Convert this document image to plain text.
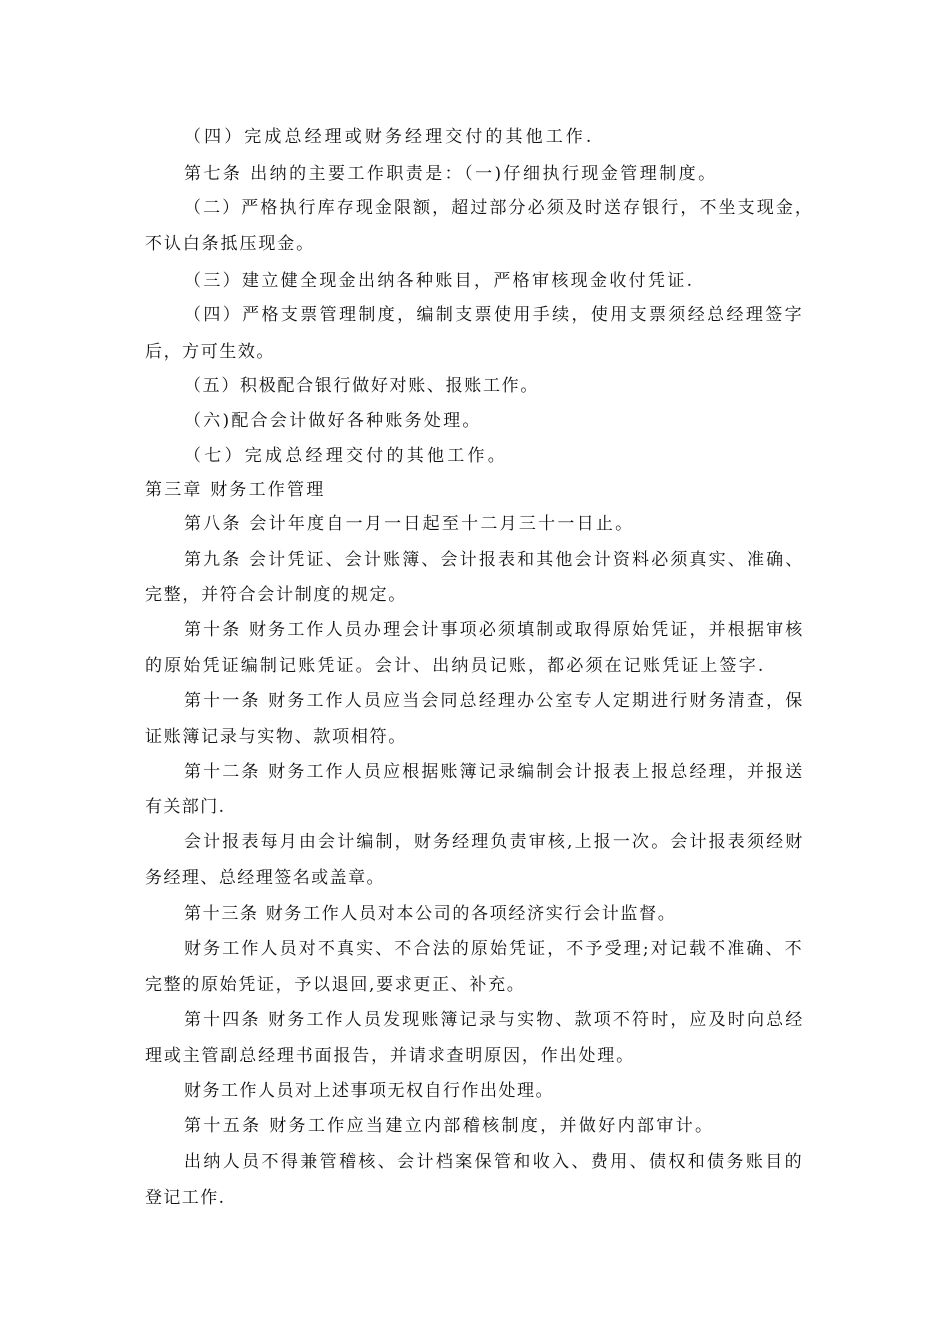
（四）完成总经理或财务经理交付的其他工作.
第七条 出纳的主要工作职责是：（一)仔细执行现金管理制度。
（二）严格执行库存现金限额，超过部分必须及时送存银行，不坐支现金，
不认白条抵压现金。
（三）建立健全现金出纳各种账目，严格审核现金收付凭证.
（四）严格支票管理制度，编制支票使用手续，使用支票须经总经理签字
后，方可生效。
（五）积极配合银行做好对账、报账工作。
（六)配合会计做好各种账务处理。
（七）完成总经理交付的其他工作。
第三章 财务工作管理
第八条 会计年度自一月一日起至十二月三十一日止。
第九条 会计凭证、会计账簿、会计报表和其他会计资料必须真实、准确、
完整，并符合会计制度的规定。
第十条 财务工作人员办理会计事项必须填制或取得原始凭证，并根据审核
的原始凭证编制记账凭证。会计、出纳员记账，都必须在记账凭证上签字.
第十一条 财务工作人员应当会同总经理办公室专人定期进行财务清查，保
证账簿记录与实物、款项相符。
第十二条 财务工作人员应根据账簿记录编制会计报表上报总经理，并报送
有关部门.
会计报表每月由会计编制，财务经理负责审核,上报一次。会计报表须经财
务经理、总经理签名或盖章。
第十三条 财务工作人员对本公司的各项经济实行会计监督。
财务工作人员对不真实、不合法的原始凭证，不予受理;对记载不准确、不
完整的原始凭证，予以退回,要求更正、补充。
第十四条 财务工作人员发现账簿记录与实物、款项不符时，应及时向总经
理或主管副总经理书面报告，并请求查明原因，作出处理。
财务工作人员对上述事项无权自行作出处理。
第十五条 财务工作应当建立内部稽核制度，并做好内部审计。
出纳人员不得兼管稽核、会计档案保管和收入、费用、债权和债务账目的
登记工作.
